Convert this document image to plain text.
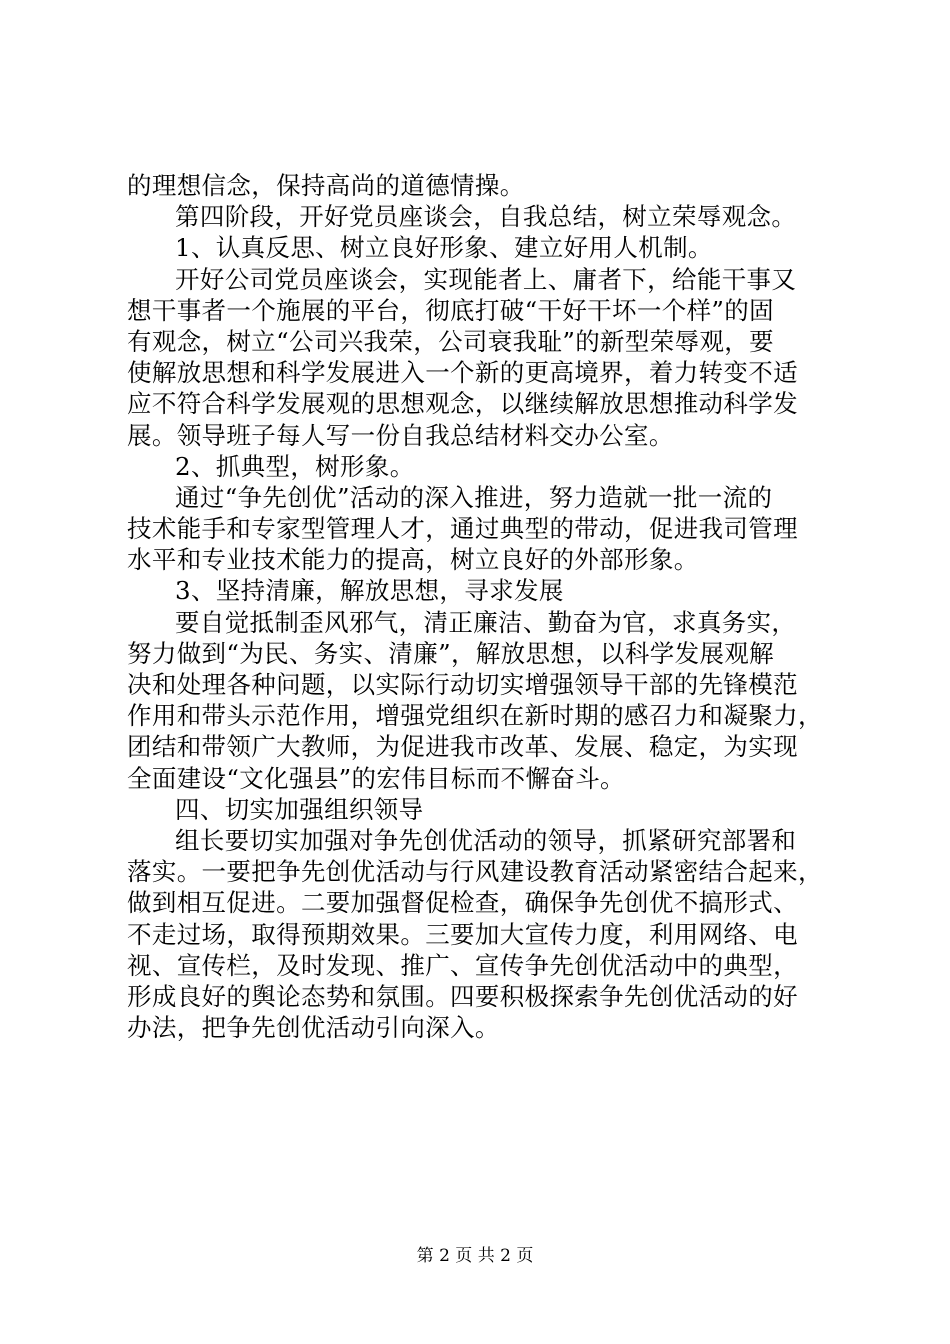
的理想信念，保持高尚的道德情操。
第四阶段，开好党员座谈会，自我总结，树立荣辱观念。
1、认真反思、树立良好形象、建立好用人机制。
开好公司党员座谈会，实现能者上、庸者下，给能干事又
想干事者一个施展的平台，彻底打破“干好干坏一个样”的固
有观念，树立“公司兴我荣，公司衰我耻”的新型荣辱观，要
使解放思想和科学发展进入一个新的更高境界，着力转变不适
应不符合科学发展观的思想观念，以继续解放思想推动科学发
展。领导班子每人写一份自我总结材料交办公室。
2、抓典型，树形象。
通过“争先创优”活动的深入推进，努力造就一批一流的
技术能手和专家型管理人才，通过典型的带动，促进我司管理
水平和专业技术能力的提高，树立良好的外部形象。
3、坚持清廉，解放思想，寻求发展
要自觉抵制歪风邪气，清正廉洁、勤奋为官，求真务实，
努力做到“为民、务实、清廉”，解放思想，以科学发展观解
决和处理各种问题，以实际行动切实增强领导干部的先锋模范
作用和带头示范作用，增强党组织在新时期的感召力和凝聚力，
团结和带领广大教师，为促进我市改革、发展、稳定，为实现
全面建设“文化强县”的宏伟目标而不懈奋斗。
四、切实加强组织领导
组长要切实加强对争先创优活动的领导，抓紧研究部署和
落实。一要把争先创优活动与行风建设教育活动紧密结合起来，
做到相互促进。二要加强督促检查，确保争先创优不搞形式、
不走过场，取得预期效果。三要加大宣传力度，利用网络、电
视、宣传栏，及时发现、推广、宣传争先创优活动中的典型，
形成良好的舆论态势和氛围。四要积极探索争先创优活动的好
办法，把争先创优活动引向深入。
第 2 页 共 2 页
